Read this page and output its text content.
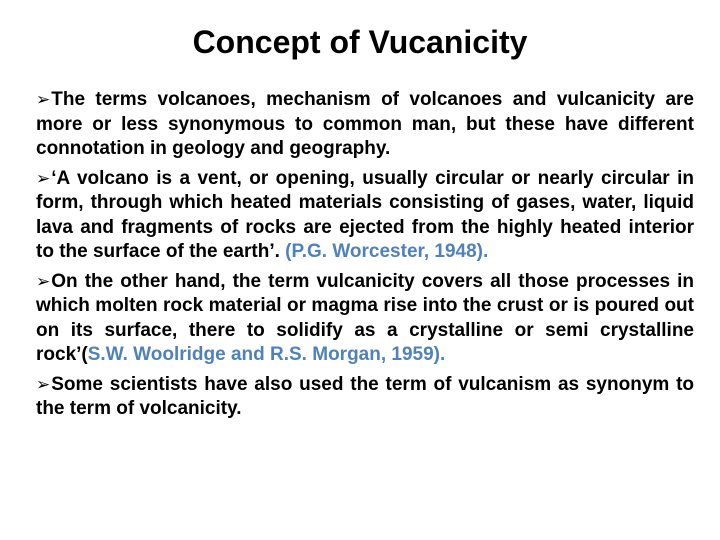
Concept of Vucanicity
➢The terms volcanoes, mechanism of volcanoes and vulcanicity are more or less synonymous to common man, but these have different connotation in geology and geography.
➢‘A volcano is a vent, or opening, usually circular or nearly circular in form, through which heated materials consisting of gases, water, liquid lava and fragments of rocks are ejected from the highly heated interior to the surface of the earth’. (P.G. Worcester, 1948).
➢On the other hand, the term vulcanicity covers all those processes in which molten rock material or magma rise into the crust or is poured out on its surface, there to solidify as a crystalline or semi crystalline rock’(S.W. Woolridge and R.S. Morgan, 1959).
➢Some scientists have also used the term of vulcanism as synonym to the term of volcanicity.
